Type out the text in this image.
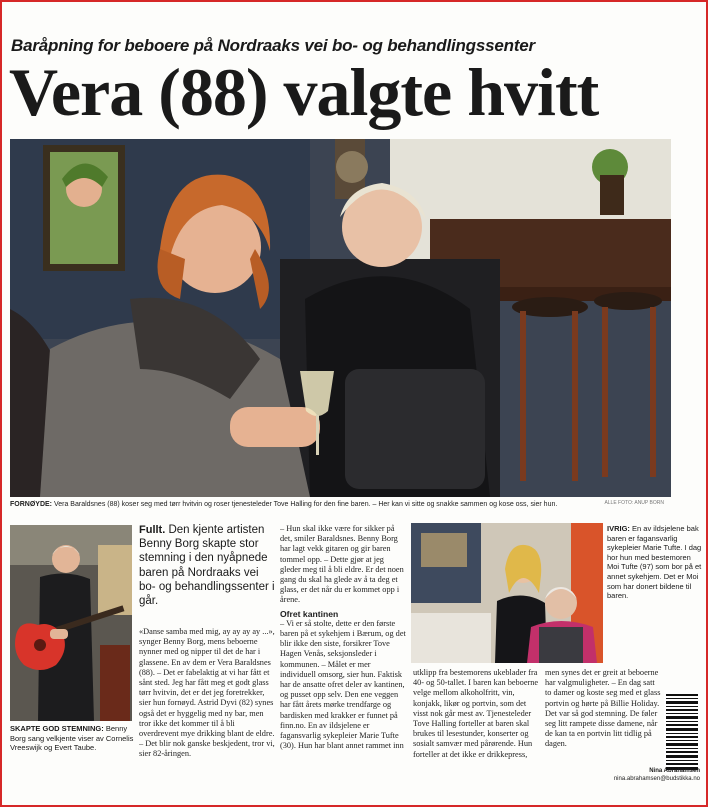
Baråpning for beboere på Nordraaks vei bo- og behandlingssenter
Vera (88) valgte hvitt
FORNØYDE: Vera Baraldsnes (88) koser seg med tørr hvitvin og roser tjenesteleder Tove Halling for den fine baren. – Her kan vi sitte og snakke sammen og kose oss, sier hun.	ALLE FOTO: ANUP BORN
SKAPTE GOD STEMNING: Benny Borg sang velkjente viser av Cornelis Vreeswijk og Evert Taube.
Fullt. Den kjente artisten Benny Borg skapte stor stemning i den nyåpnede baren på Nordraaks vei bo- og behandlingssenter i går.

«Danse samba med mig, ay ay ay ay ...», synger Benny Borg, mens beboerne nynner med og nipper til det de har i glassene. En av dem er Vera Baraldsnes (88). – Det er fabelaktig at vi har fått et sånt sted. Jeg har fått meg et godt glass tørr hvitvin, det er det jeg foretrekker, sier hun fornøyd. Astrid Dyvi (82) synes også det er hyggelig med ny bar, men tror ikke det kommer til å bli overdrevent mye drikking blant de eldre. – Det blir nok ganske beskjedent, tror vi, sier 82-åringen.

– Hun skal ikke være for sikker på det, smiler Baraldsnes. Benny Borg har lagt vekk gitaren og gir baren tommel opp. – Dette gjør at jeg gleder meg til å bli eldre. Er det noen gang du skal ha glede av å ta deg et glass, er det når du er kommet opp i årene.

Ofret kantinen

– Vi er så stolte, dette er den første baren på et sykehjem i Bærum, og det blir ikke den siste, forsikrer Tove Hagen Venås, seksjonsleder i kommunen. – Målet er mer individuell omsorg, sier hun. Faktisk har de ansatte ofret deler av kantinen, og pusset opp selv. Den ene veggen har fått årets mørke trendfarge og bardisken med krakker er funnet på finn.no. En av ildsjelene er fagansvarlig sykepleier Marie Tufte (30). Hun har blant annet rammet inn

IVRIG: En av ildsjelene bak baren er fagansvarlig sykepleier Marie Tufte. I dag hor hun med bestemoren Moi Tufte (97) som bor på et annet sykehjem. Det er Moi som har donert bildene til baren.

utklipp fra bestemorens ukeblader fra 40- og 50-tallet. I baren kan beboerne velge mellom alkoholfritt, vin, konjakk, likør og portvin, som det visst nok går mest av. Tjenesteleder Tove Halling forteller at baren skal brukes til lesestunder, konserter og sosialt samvær med pårørende. Hun forteller at det ikke er drikkepress,

men synes det er greit at beboerne har valgmuligheter. – En dag satt to damer og koste seg med et glass portvin og hørte på Billie Holiday. Det var så god stemning. De føler seg litt rampete disse damene, når de kan ta en portvin litt tidlig på dagen.

Nina Abrahamsen
nina.abrahamsen@budstikka.no
